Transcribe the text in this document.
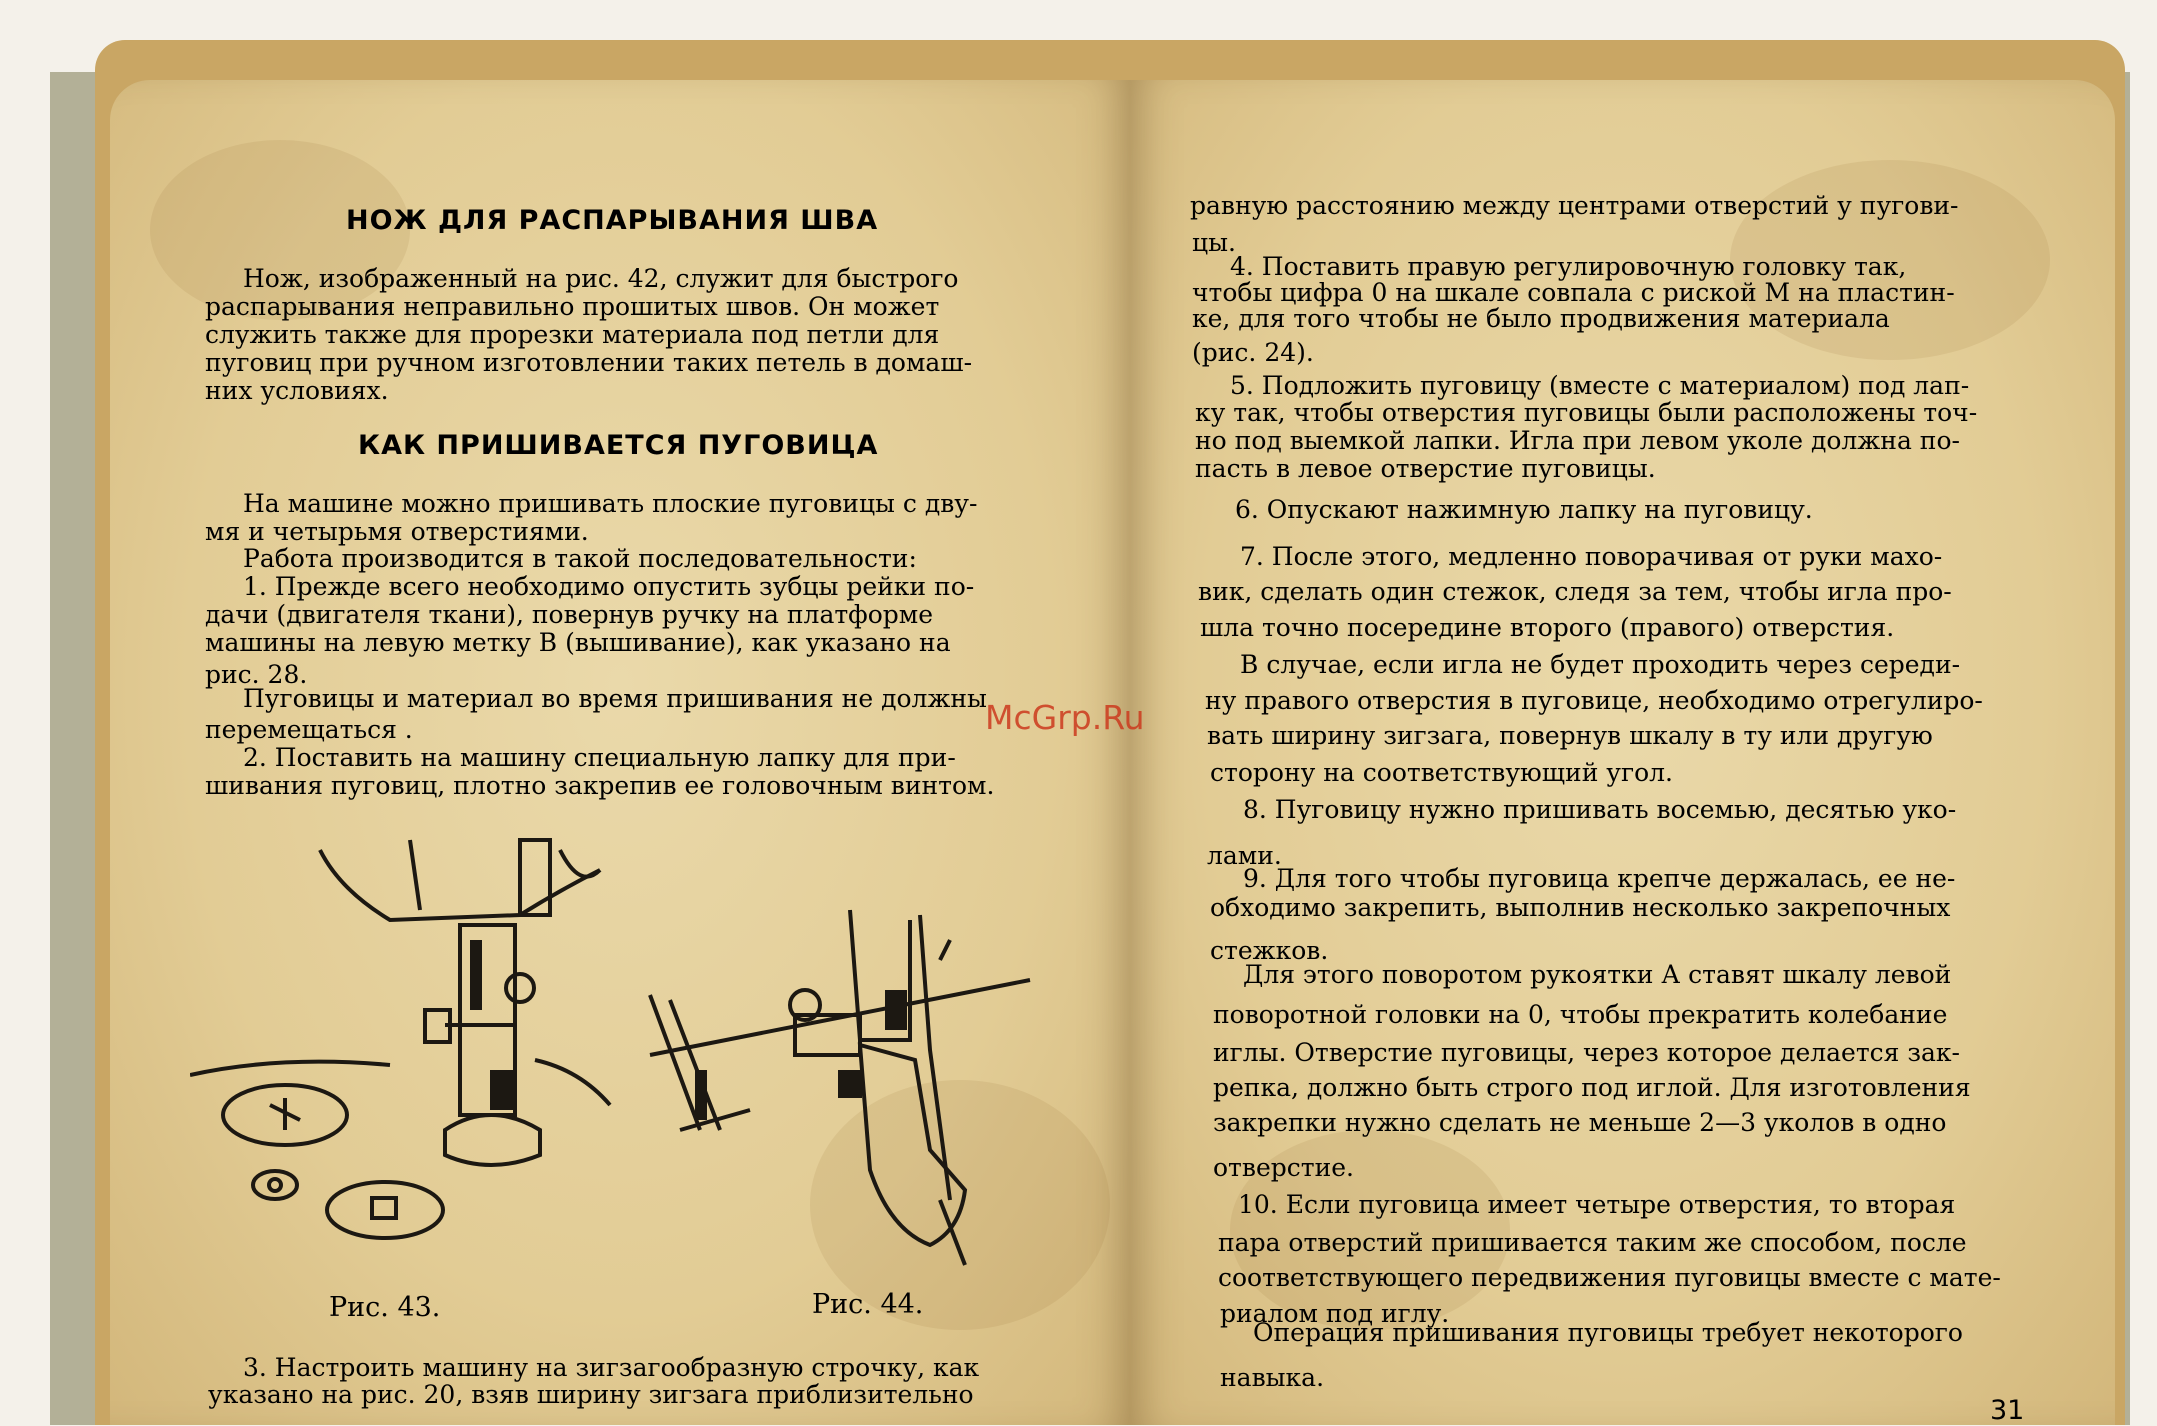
НОЖ ДЛЯ РАСПАРЫВАНИЯ ШВА
Нож, изображенный на рис. 42, служит для быстрого
распарывания неправильно прошитых швов. Он может
служить также для прорезки материала под петли для
пуговиц при ручном изготовлении таких петель в домаш-
них условиях.
КАК ПРИШИВАЕТСЯ ПУГОВИЦА
На машине можно пришивать плоские пуговицы с дву-
мя и четырьмя отверстиями.
Работа производится в такой последовательности:
1. Прежде всего необходимо опустить зубцы рейки по-
дачи (двигателя ткани), повернув ручку на платформе
машины на левую метку В (вышивание), как указано на
рис. 28.
Пуговицы и материал во время пришивания не должны
перемещаться .
2. Поставить на машину специальную лапку для при-
шивания пуговиц, плотно закрепив ее головочным винтом.
Рис. 43.	Рис. 44.
3. Настроить машину на зигзагообразную строчку, как
указано на рис. 20, взяв ширину зигзага приблизительно
равную расстоянию между центрами отверстий у пугови-
цы.
4. Поставить правую регулировочную головку так,
чтобы цифра 0 на шкале совпала с риской М на пластин-
ке, для того чтобы не было продвижения материала
(рис. 24).
5. Подложить пуговицу (вместе с материалом) под лап-
ку так, чтобы отверстия пуговицы были расположены точ-
но под выемкой лапки. Игла при левом уколе должна по-
пасть в левое отверстие пуговицы.
6. Опускают нажимную лапку на пуговицу.
7. После этого, медленно поворачивая от руки махо-
вик, сделать один стежок, следя за тем, чтобы игла про-
шла точно посередине второго (правого) отверстия.
В случае, если игла не будет проходить через середи-
ну правого отверстия в пуговице, необходимо отрегулиро-
вать ширину зигзага, повернув шкалу в ту или другую
сторону на соответствующий угол.
8. Пуговицу нужно пришивать восемью, десятью уко-
лами.
9. Для того чтобы пуговица крепче держалась, ее не-
обходимо закрепить, выполнив несколько закрепочных
стежков.
Для этого поворотом рукоятки А ставят шкалу левой
поворотной головки на 0, чтобы прекратить колебание
иглы. Отверстие пуговицы, через которое делается зак-
репка, должно быть строго под иглой. Для изготовления
закрепки нужно сделать не меньше 2—3 уколов в одно
отверстие.
10. Если пуговица имеет четыре отверстия, то вторая
пара отверстий пришивается таким же способом, после
соответствующего передвижения пуговицы вместе с мате-
риалом под иглу.
Операция пришивания пуговицы требует некоторого
навыка.
31
McGrp.Ru
